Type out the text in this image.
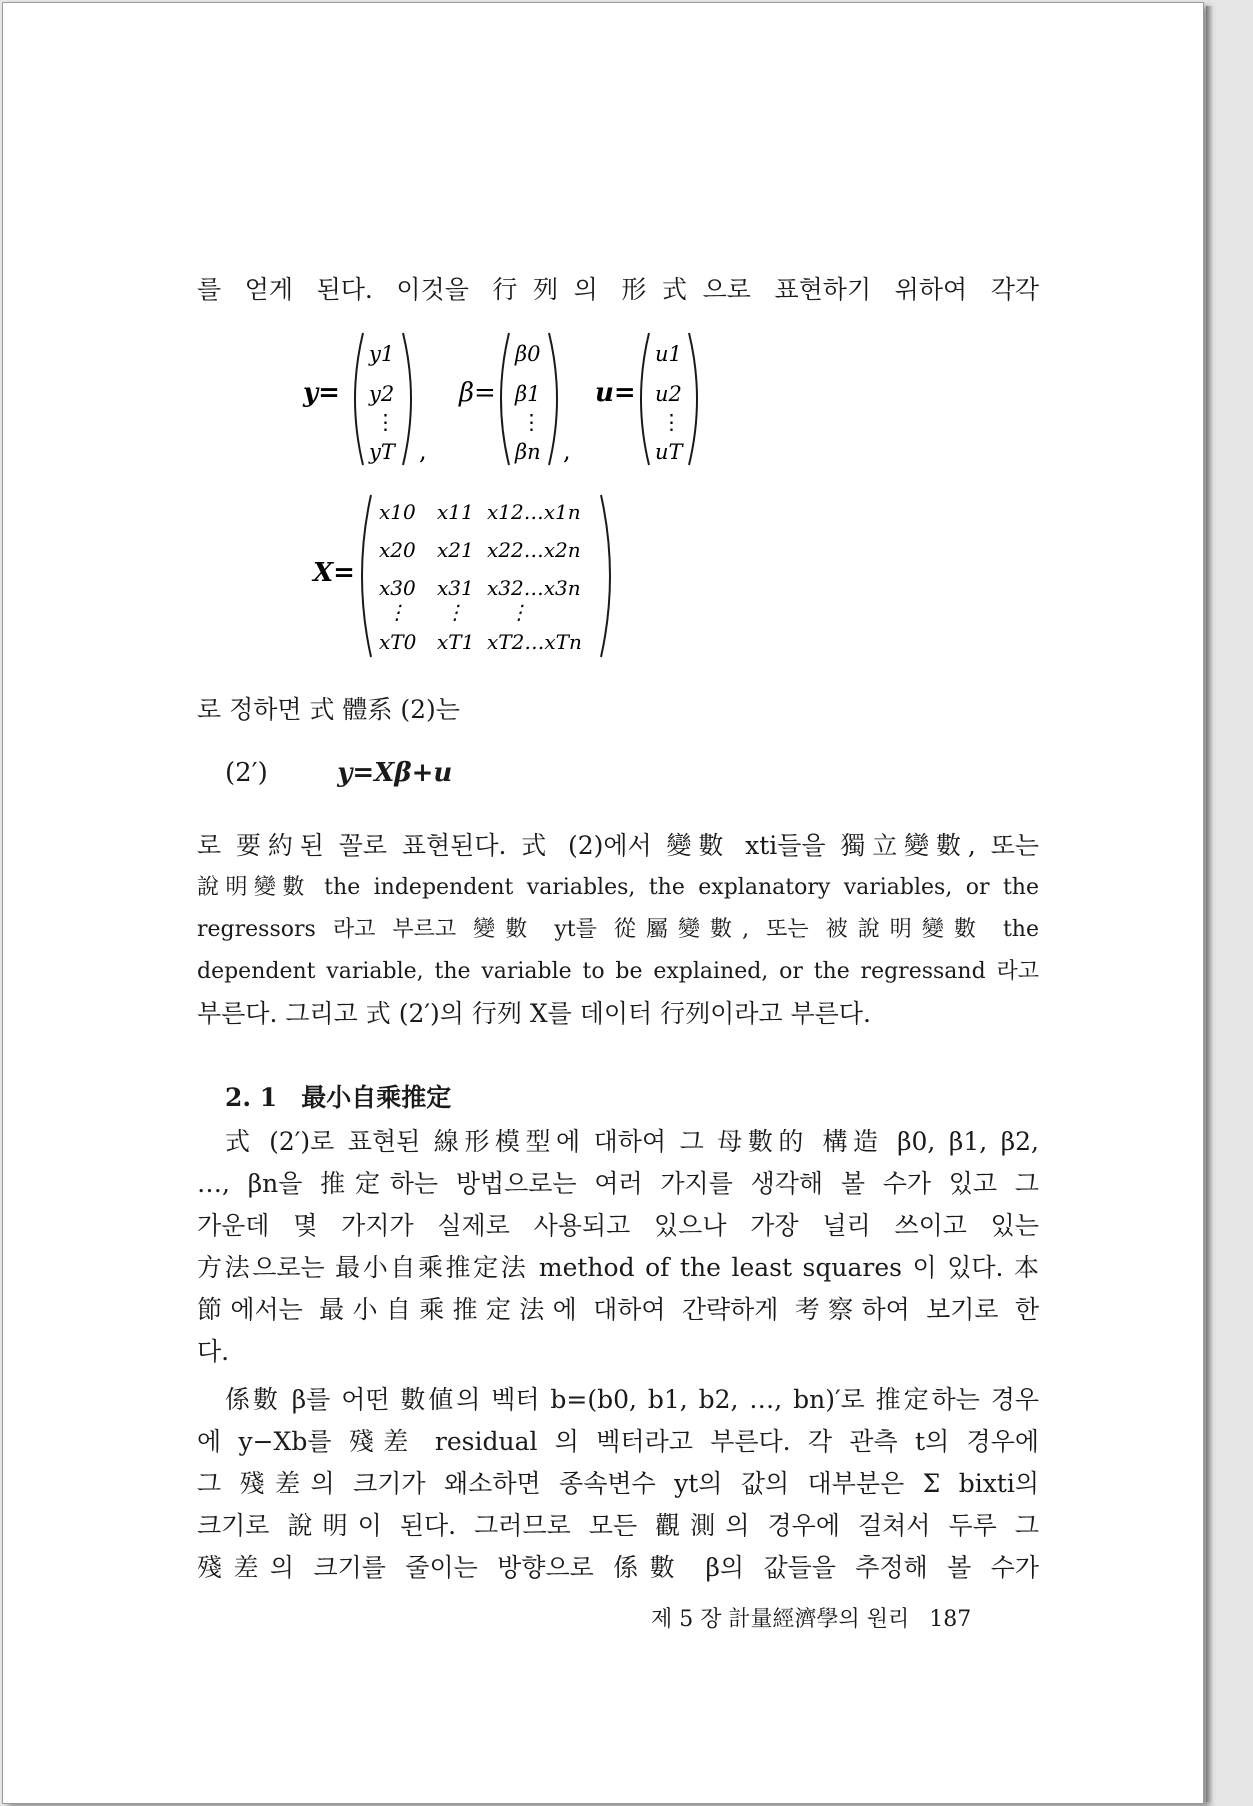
를 얻게 된다. 이것을 行列의 形式으로 표현하기 위하여 각각
y=
y1
y2
⋮
yT ,
β=
β0
β1
⋮
βn ,
u=
u1
u2
⋮
uT
X=
x10 x11 x12…x1n
x20 x21 x22…x2n
x30 x31 x32…x3n
⋮ ⋮ ⋮
xT0 xT1 xT2…xTn
로 정하면 式 體系 (2)는
(2′)	y=Xβ+u
로 要約된 꼴로 표현된다. 式 (2)에서 變數 xti들을 獨立變數, 또는
說明變數 the independent variables, the explanatory variables, or the
regressors 라고 부르고 變數 yt를 從屬變數, 또는 被說明變數 the
dependent variable, the variable to be explained, or the regressand 라고
부른다. 그리고 式 (2′)의 行列 X를 데이터 行列이라고 부른다.
2. 1 最小自乘推定
式 (2′)로 표현된 線形模型에 대하여 그 母數的 構造 β0, β1, β2,
…, βn을 推定하는 방법으로는 여러 가지를 생각해 볼 수가 있고 그
가운데 몇 가지가 실제로 사용되고 있으나 가장 널리 쓰이고 있는
方法으로는 最小自乘推定法 method of the least squares 이 있다. 本
節에서는 最小自乘推定法에 대하여 간략하게 考察하여 보기로 한
다.
係數 β를 어떤 數値의 벡터 b=(b0, b1, b2, …, bn)′로 推定하는 경우
에 y−Xb를 殘差 residual 의 벡터라고 부른다. 각 관측 t의 경우에
그 殘差의 크기가 왜소하면 종속변수 yt의 값의 대부분은 Σ bixti의
크기로 說明이 된다. 그러므로 모든 觀測의 경우에 걸쳐서 두루 그
殘差의 크기를 줄이는 방향으로 係數 β의 값들을 추정해 볼 수가
제 5 장 計量經濟學의 원리 187
